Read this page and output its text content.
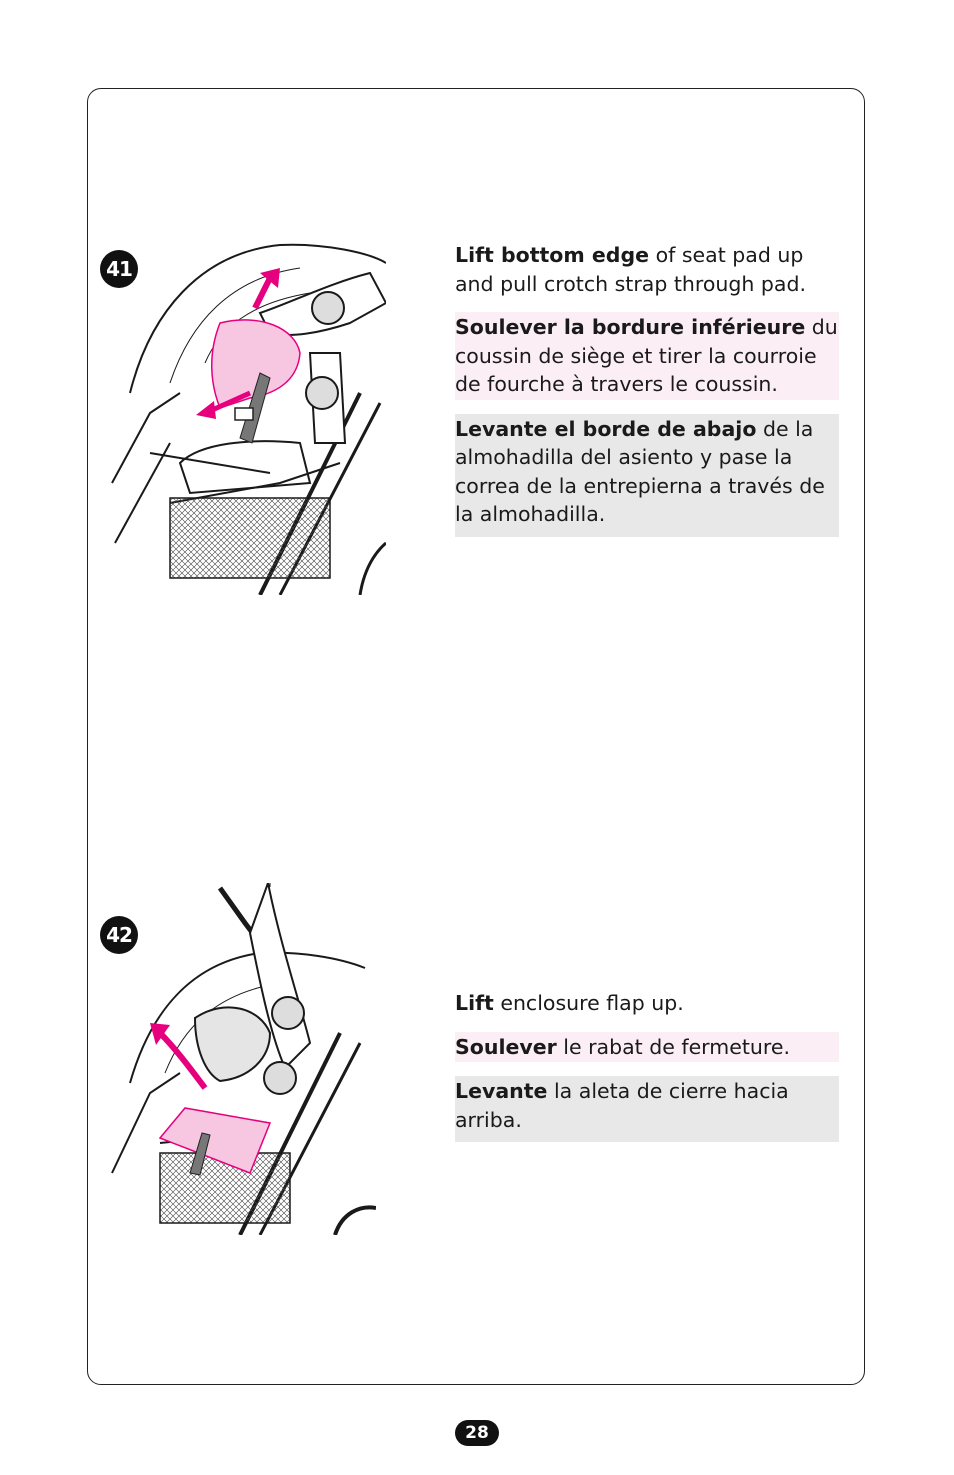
41

Lift bottom edge of seat pad up and pull crotch strap through pad.

Soulever la bordure inférieure du coussin de siège et tirer la courroie de fourche à travers le coussin.

Levante el borde de abajo de la almohadilla del asiento y pase la correa de la entrepierna a través de la almohadilla.

42

Lift enclosure flap up.

Soulever le rabat de fermeture.

Levante la aleta de cierre hacia arriba.

28
